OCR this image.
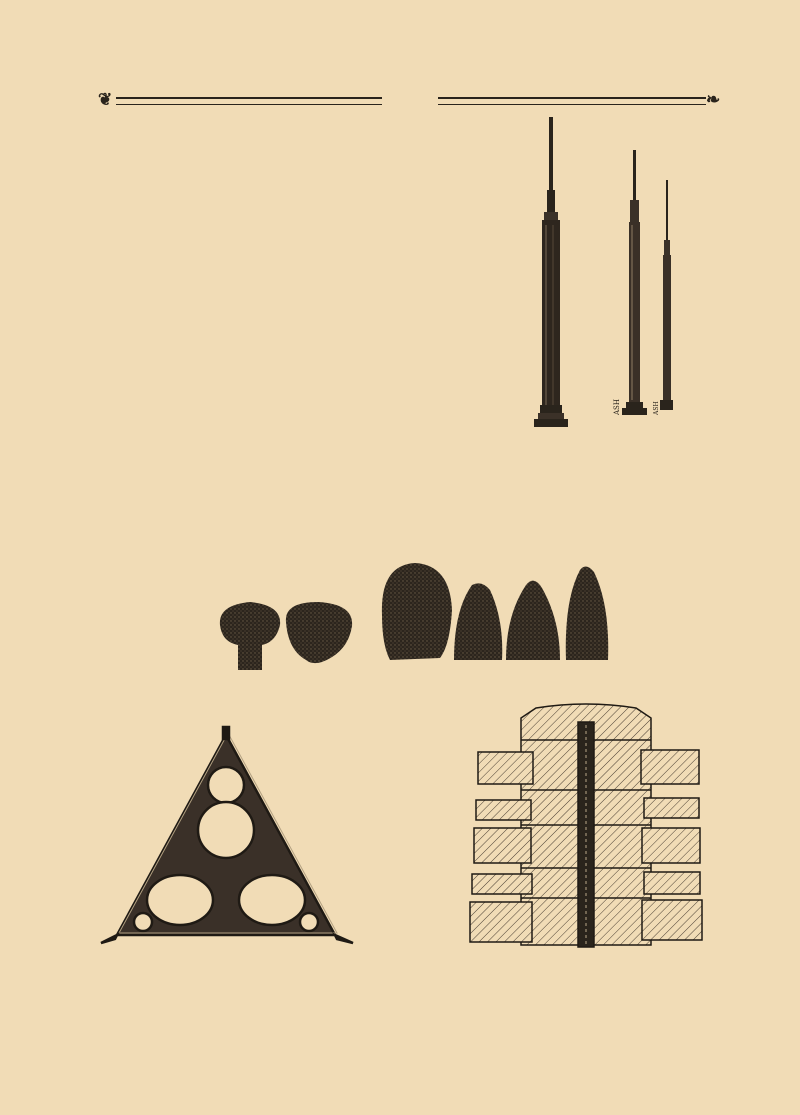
❦	❧
ASH	ASH
